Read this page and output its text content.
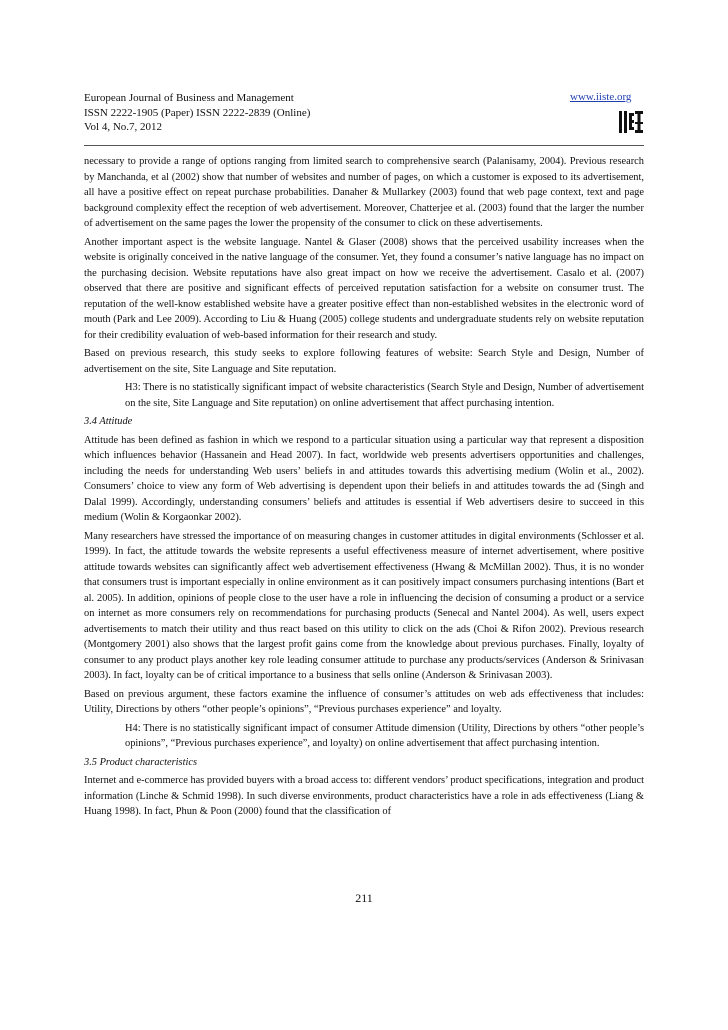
European Journal of Business and Management
ISSN 2222-1905 (Paper) ISSN 2222-2839 (Online)
Vol 4, No.7, 2012
www.iiste.org

necessary to provide a range of options ranging from limited search to comprehensive search (Palanisamy, 2004). Previous research by Manchanda, et al (2002) show that number of websites and number of pages, on which a customer is exposed to its advertisement, all have a positive effect on repeat purchase probabilities. Danaher & Mullarkey (2003) found that web page context, text and page background complexity effect the reception of web advertisement. Moreover, Chatterjee et al. (2003) found that the larger the number of advertisement on the same pages the lower the propensity of the consumer to click on these advertisements.

Another important aspect is the website language. Nantel & Glaser (2008) shows that the perceived usability increases when the website is originally conceived in the native language of the consumer. Yet, they found a consumer’s native language has no impact on the purchasing decision. Website reputations have also great impact on how we receive the advertisement. Casalo et al. (2007) observed that there are positive and significant effects of perceived reputation satisfaction for a website on consumer trust. The reputation of the well-know established website have a greater positive effect than non-established websites in the electronic word of mouth (Park and Lee 2009). According to Liu & Huang (2005) college students and undergraduate students rely on website reputation for their credibility evaluation of web-based information for their research and study.

Based on previous research, this study seeks to explore following features of website: Search Style and Design, Number of advertisement on the site, Site Language and Site reputation.

H3: There is no statistically significant impact of website characteristics (Search Style and Design, Number of advertisement on the site, Site Language and Site reputation) on online advertisement that affect purchasing intention.

3.4 Attitude

Attitude has been defined as fashion in which we respond to a particular situation using a particular way that represent a disposition which influences behavior (Hassanein and Head 2007). In fact, worldwide web presents advertisers opportunities and challenges, including the needs for understanding Web users’ beliefs in and attitudes towards this advertising medium (Wolin et al., 2002). Consumers’ choice to view any form of Web advertising is dependent upon their beliefs in and attitudes towards the ad (Singh and Dalal 1999). Accordingly, understanding consumers’ beliefs and attitudes is essential if Web advertisers desire to succeed in this medium (Wolin & Korgaonkar 2002).

Many researchers have stressed the importance of on measuring changes in customer attitudes in digital environments (Schlosser et al. 1999). In fact, the attitude towards the website represents a useful effectiveness measure of internet advertisement, where positive attitude towards websites can significantly affect web advertisement effectiveness (Hwang & McMillan 2002). Thus, it is no wonder that consumers trust is important especially in online environment as it can positively impact consumers purchasing intentions (Bart et al. 2005). In addition, opinions of people close to the user have a role in influencing the decision of consuming a product or a service on internet as more consumers rely on recommendations for purchasing products (Senecal and Nantel 2004). As well, users expect advertisements to match their utility and thus react based on this utility to click on the ads (Choi & Rifon 2002). Previous research (Montgomery 2001) also shows that the largest profit gains come from the knowledge about previous purchases. Finally, loyalty of consumer to any product plays another key role leading consumer attitude to purchase any products/services (Anderson & Srinivasan 2003). In fact, loyalty can be of critical importance to a business that sells online (Anderson & Srinivasan 2003).

Based on previous argument, these factors examine the influence of consumer’s attitudes on web ads effectiveness that includes: Utility, Directions by others “other people’s opinions”, “Previous purchases experience” and loyalty.

H4: There is no statistically significant impact of consumer Attitude dimension (Utility, Directions by others “other people’s opinions”, “Previous purchases experience”, and loyalty) on online advertisement that affect purchasing intention.

3.5 Product characteristics

Internet and e-commerce has provided buyers with a broad access to: different vendors’ product specifications, integration and product information (Linche & Schmid 1998). In such diverse environments, product characteristics have a role in ads effectiveness (Liang & Huang 1998). In fact, Phun & Poon (2000) found that the classification of

211
